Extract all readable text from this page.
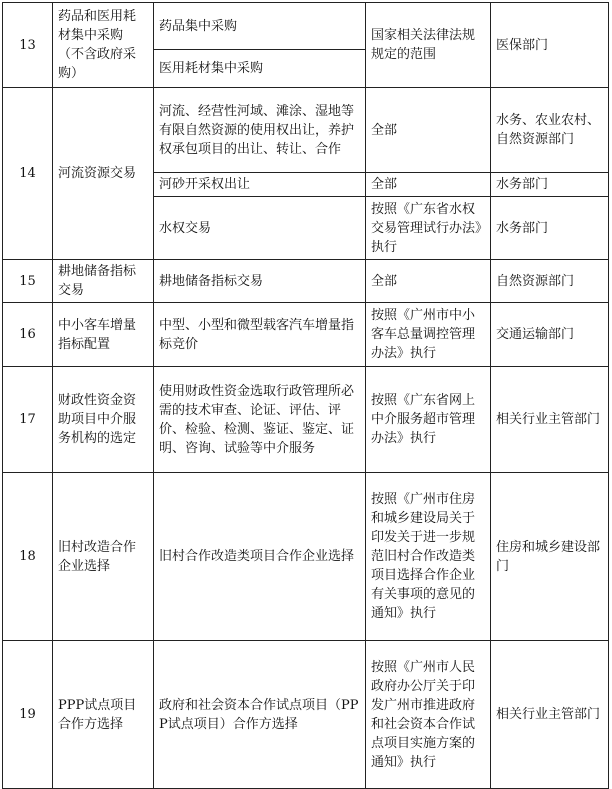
13	药品和医用耗材集中采购（不含政府采购）	药品集中采购	国家相关法律法规规定的范围	医保部门
		医用耗材集中采购		
14	河流资源交易	河流、经营性河域、滩涂、湿地等有限自然资源的使用权出让，养护权承包项目的出让、转让、合作	全部	水务、农业农村、自然资源部门
		河砂开采权出让	全部	水务部门
		水权交易	按照《广东省水权交易管理试行办法》执行	水务部门
15	耕地储备指标交易	耕地储备指标交易	全部	自然资源部门
16	中小客车增量指标配置	中型、小型和微型载客汽车增量指标竞价	按照《广州市中小客车总量调控管理办法》执行	交通运输部门
17	财政性资金资助项目中介服务机构的选定	使用财政性资金选取行政管理所必需的技术审查、论证、评估、评价、检验、检测、鉴证、鉴定、证明、咨询、试验等中介服务	按照《广东省网上中介服务超市管理办法》执行	相关行业主管部门
18	旧村改造合作企业选择	旧村合作改造类项目合作企业选择	按照《广州市住房和城乡建设局关于印发关于进一步规范旧村合作改造类项目选择合作企业有关事项的意见的通知》执行	住房和城乡建设部门
19	PPP试点项目合作方选择	政府和社会资本合作试点项目（PPP试点项目）合作方选择	按照《广州市人民政府办公厅关于印发广州市推进政府和社会资本合作试点项目实施方案的通知》执行	相关行业主管部门
